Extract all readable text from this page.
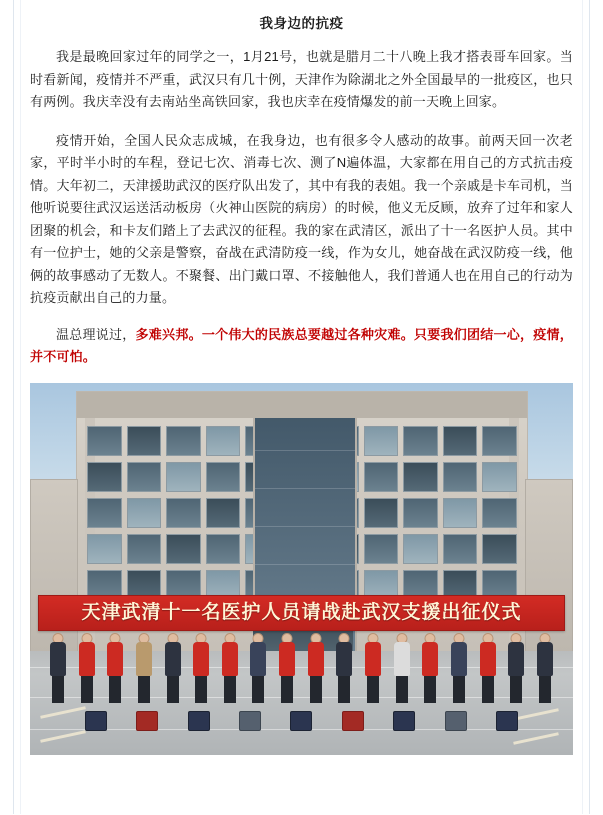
我身边的抗疫

我是最晚回家过年的同学之一，1月21号，也就是腊月二十八晚上我才搭表哥车回家。当时看新闻，疫情并不严重，武汉只有几十例，天津作为除湖北之外全国最早的一批疫区，也只有两例。我庆幸没有去南站坐高铁回家，我也庆幸在疫情爆发的前一天晚上回家。

疫情开始，全国人民众志成城，在我身边，也有很多令人感动的故事。前两天回一次老家，平时半小时的车程，登记七次、消毒七次、测了N遍体温，大家都在用自己的方式抗击疫情。大年初二，天津援助武汉的医疗队出发了，其中有我的表姐。我一个亲戚是卡车司机，当他听说要往武汉运送活动板房（火神山医院的病房）的时候，他义无反顾，放弃了过年和家人团聚的机会，和卡友们踏上了去武汉的征程。我的家在武清区，派出了十一名医护人员。其中有一位护士，她的父亲是警察，奋战在武清防疫一线，作为女儿，她奋战在武汉防疫一线，他俩的故事感动了无数人。不聚餐、出门戴口罩、不接触他人，我们普通人也在用自己的行动为抗疫贡献出自己的力量。

温总理说过，多难兴邦。一个伟大的民族总要越过各种灾难。只要我们团结一心，疫情，并不可怕。

天津武清十一名医护人员请战赴武汉支援出征仪式
